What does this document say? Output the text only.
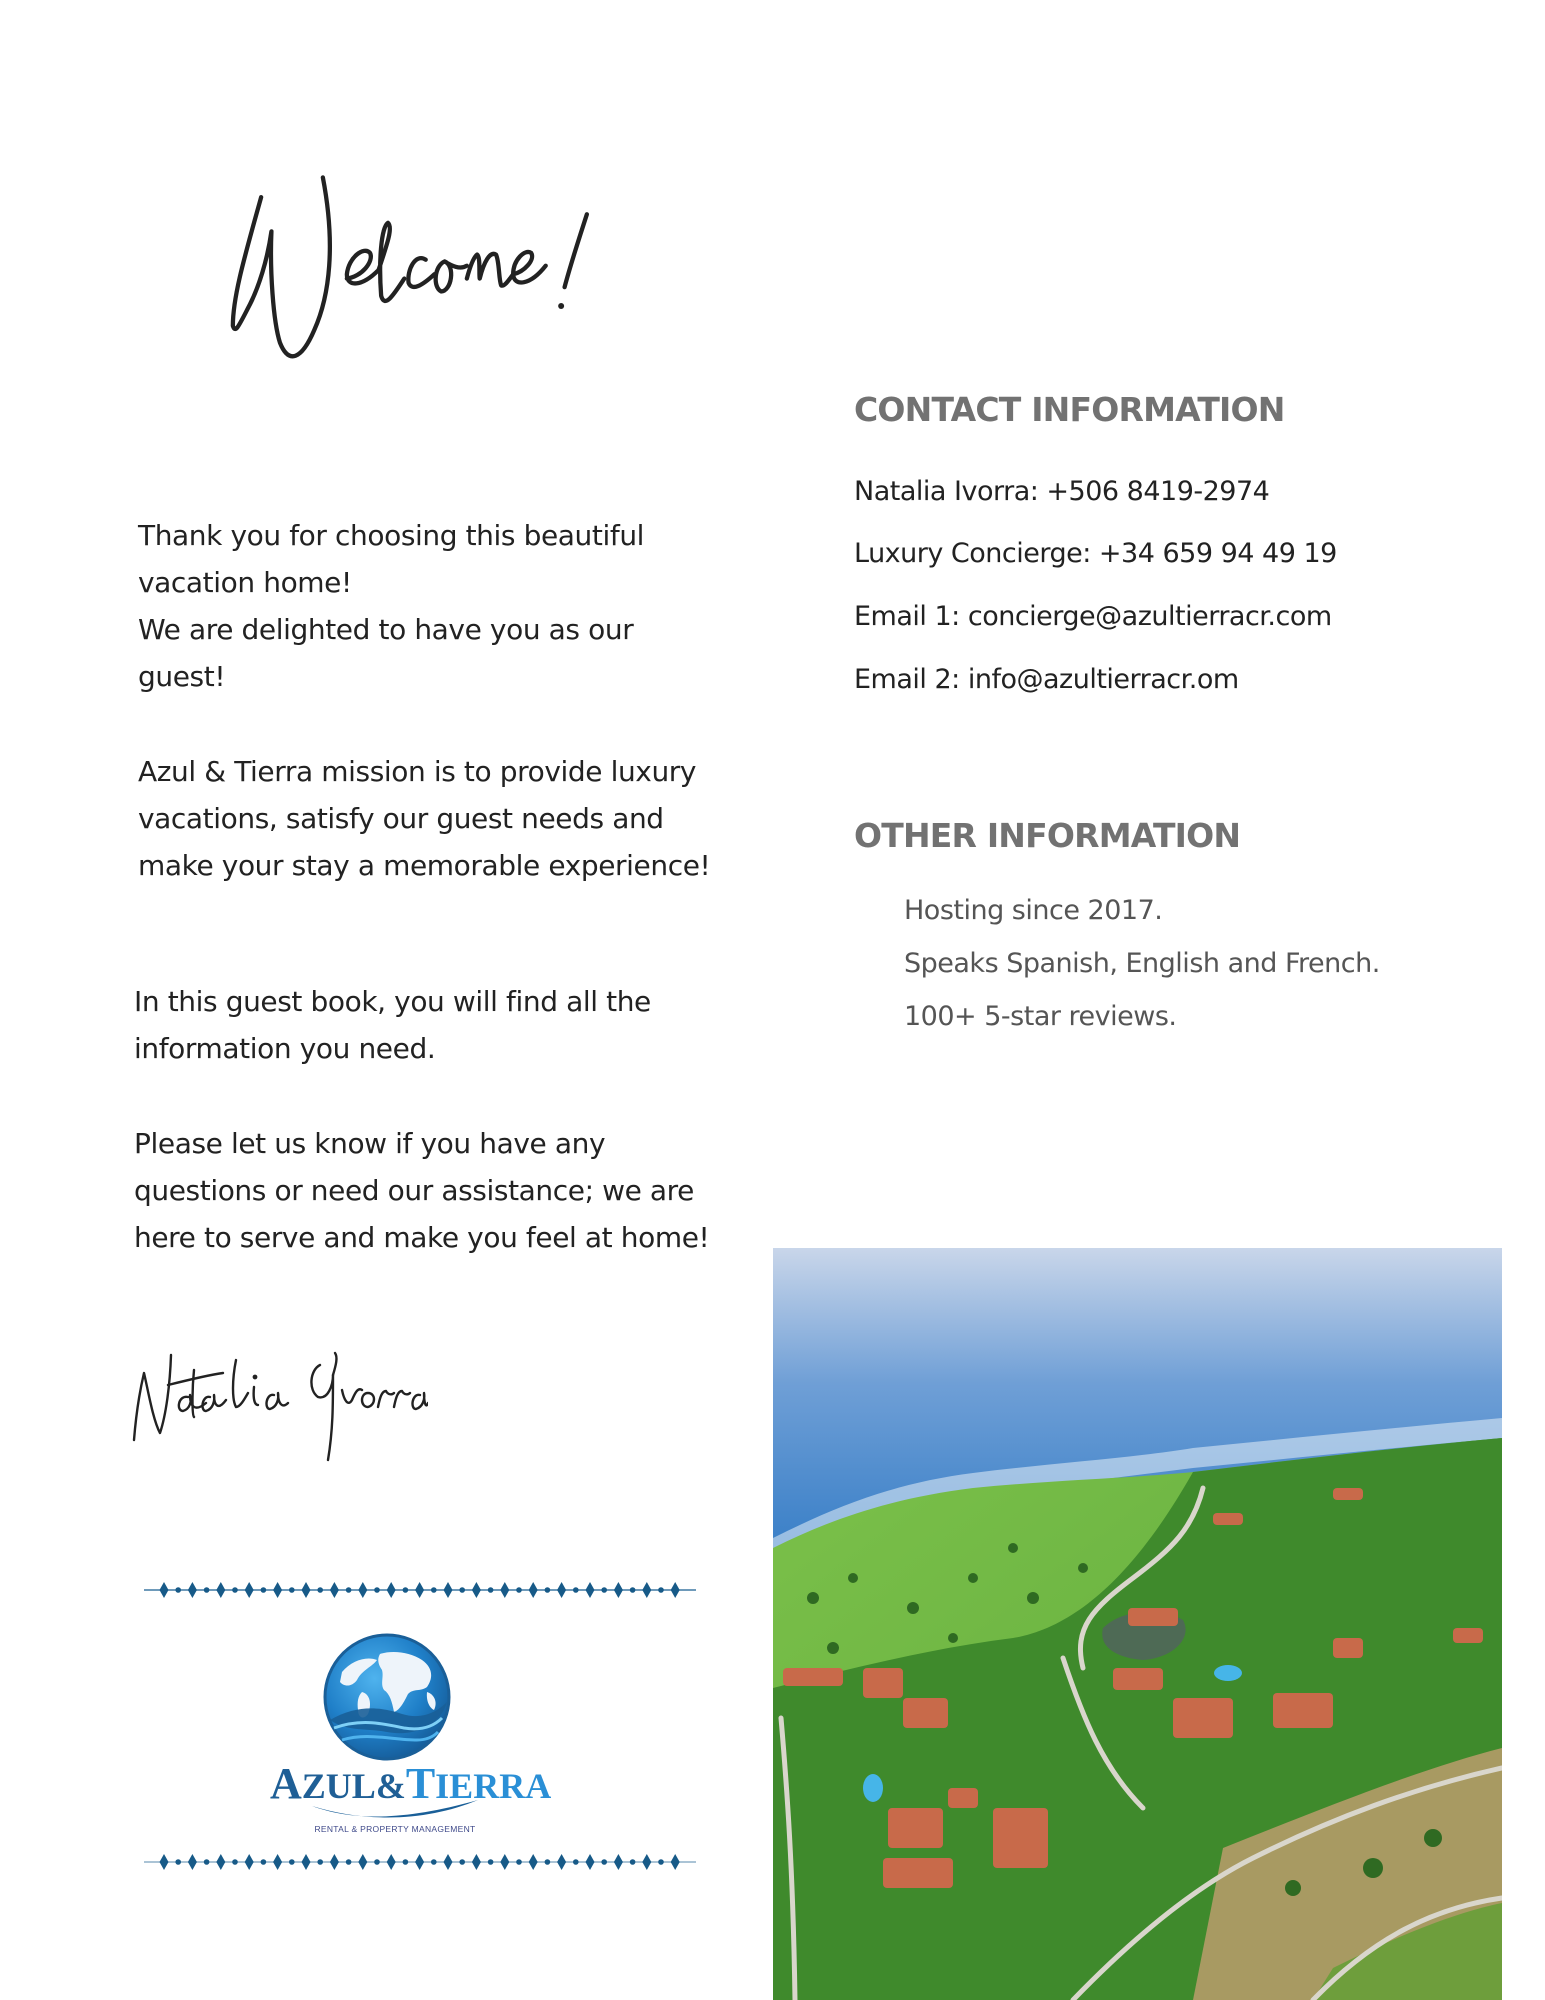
Thank you for choosing this beautiful vacation home!

We are delighted to have you as our guest!

Azul & Tierra mission is to provide luxury vacations, satisfy our guest needs and make your stay a memorable experience!

In this guest book, you will find all the information you need.

Please let us know if you have any questions or need our assistance; we are here to serve and make you feel at home!

AZUL&TIERRA
RENTAL & PROPERTY MANAGEMENT
CONTACT INFORMATION
Natalia Ivorra: +506 8419-2974
Luxury Concierge: +34 659 94 49 19
Email 1: concierge@azultierracr.com
Email 2: info@azultierracr.om
OTHER INFORMATION
Hosting since 2017.
Speaks Spanish, English and French.
100+ 5-star reviews.
